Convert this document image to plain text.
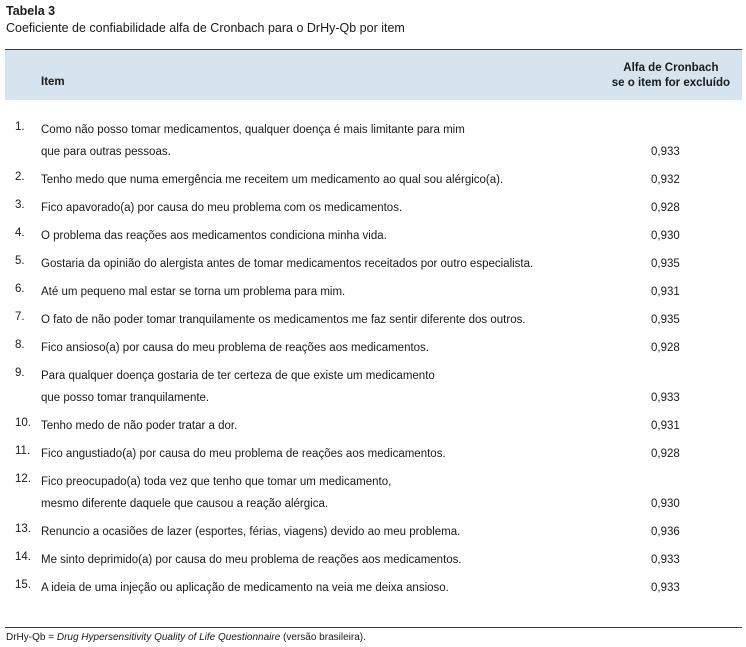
Tabela 3
Coeficiente de confiabilidade alfa de Cronbach para o DrHy-Qb por item
Item
Alfa de Cronbach
se o item for excluído
1.	Como não posso tomar medicamentos, qualquer doença é mais limitante para mim
que para outras pessoas.	0,933
2.	Tenho medo que numa emergência me receitem um medicamento ao qual sou alérgico(a).	0,932
3.	Fico apavorado(a) por causa do meu problema com os medicamentos.	0,928
4.	O problema das reações aos medicamentos condiciona minha vida.	0,930
5.	Gostaria da opinião do alergista antes de tomar medicamentos receitados por outro especialista.	0,935
6.	Até um pequeno mal estar se torna um problema para mim.	0,931
7.	O fato de não poder tomar tranquilamente os medicamentos me faz sentir diferente dos outros.	0,935
8.	Fico ansioso(a) por causa do meu problema de reações aos medicamentos.	0,928
9.	Para qualquer doença gostaria de ter certeza de que existe um medicamento
que posso tomar tranquilamente.	0,933
10. Tenho medo de não poder tratar a dor.	0,931
11. Fico angustiado(a) por causa do meu problema de reações aos medicamentos.	0,928
12. Fico preocupado(a) toda vez que tenho que tomar um medicamento,
mesmo diferente daquele que causou a reação alérgica.	0,930
13. Renuncio a ocasiões de lazer (esportes, férias, viagens) devido ao meu problema.	0,936
14. Me sinto deprimido(a) por causa do meu problema de reações aos medicamentos.	0,933
15. A ideia de uma injeção ou aplicação de medicamento na veia me deixa ansioso.	0,933
DrHy-Qb = Drug Hypersensitivity Quality of Life Questionnaire (versão brasileira).
